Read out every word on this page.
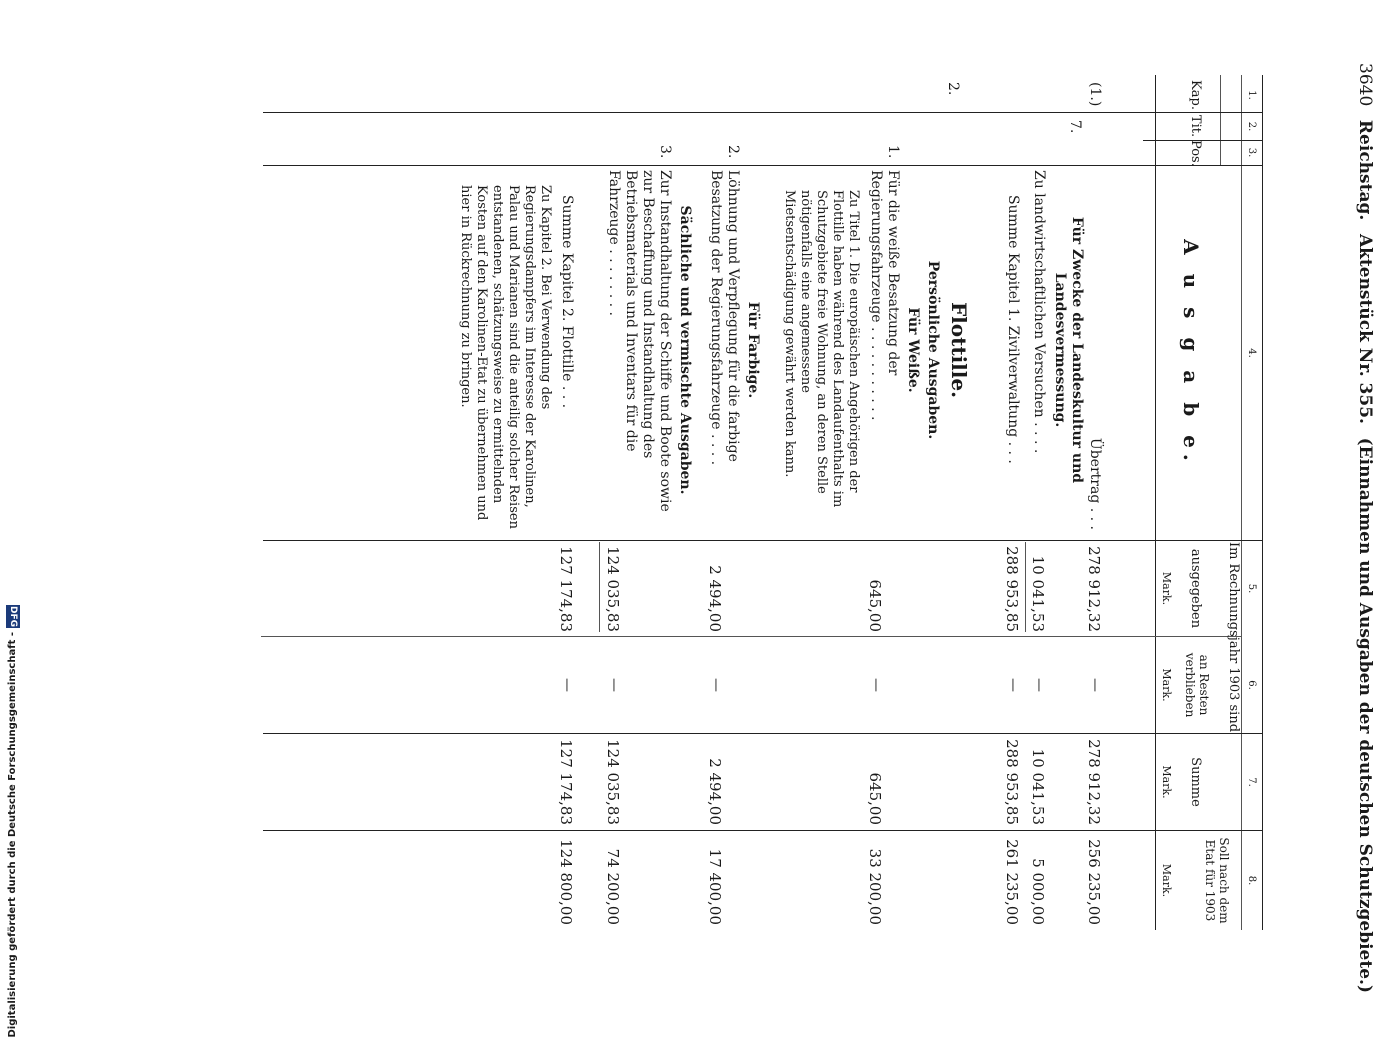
3640
Reichstag.
Aktenstück Nr. 355.
(Einnahmen und Ausgaben der deutschen Schutzgebiete.)
1.
2.
3.
4.
5.
6.
7.
8.
Kap.
Tit.
Pos.
A u s g a b e.
Im Rechnungsjahr 1903 sind
ausgegeben
an Resten verblieben
Summe
Soll nach dem Etat für 1903
Mark.
Mark.
Mark.
Mark.
(1.)
Übertrag . . .
278 912,32
—
278 912,32
256 235,00
7.
Für Zwecke der Landeskultur und Landesvermessung.
Zu landwirtschaftlichen Versuchen . . . .
10 041,53
—
10 041,53
5 000,00
Summe Kapitel 1. Zivilverwaltung . . .
288 953,85
—
288 953,85
261 235,00
2.
Flottille.
Persönliche Ausgaben.
Für Weiße.
1.
Für die weiße Besatzung der Regierungsfahrzeuge . . . . . . . . . . .
645,00
—
645,00
33 200,00
Zu Titel 1. Die europäischen Angehörigen der Flottille haben während des Landaufenthalts im Schutzgebiete freie Wohnung, an deren Stelle nötigenfalls eine angemessene Mietsentschädigung gewährt werden kann.
Für Farbige.
2.
Löhnung und Verpflegung für die farbige Besatzung der Regierungsfahrzeuge . . . .
2 494,00
—
2 494,00
17 400,00
Sächliche und vermischte Ausgaben.
3.
Zur Instandhaltung der Schiffe und Boote sowie zur Beschaffung und Instandhaltung des Betriebsmaterials und Inventars für die Fahrzeuge . . . . . . . .
124 035,83
—
124 035,83
74 200,00
Summe Kapitel 2. Flottille . . .
127 174,83
—
127 174,83
124 800,00
Zu Kapitel 2. Bei Verwendung des Regierungsdampfers im Interesse der Karolinen, Palau und Marianen sind die anteilig solcher Reisen entstandenen, schätzungsweise zu ermittelnden Kosten auf den Karolinen-Etat zu übernehmen und hier in Rückrechnung zu bringen.
DFG
Digitalisierung gefördert durch die Deutsche Forschungsgemeinschaft -
